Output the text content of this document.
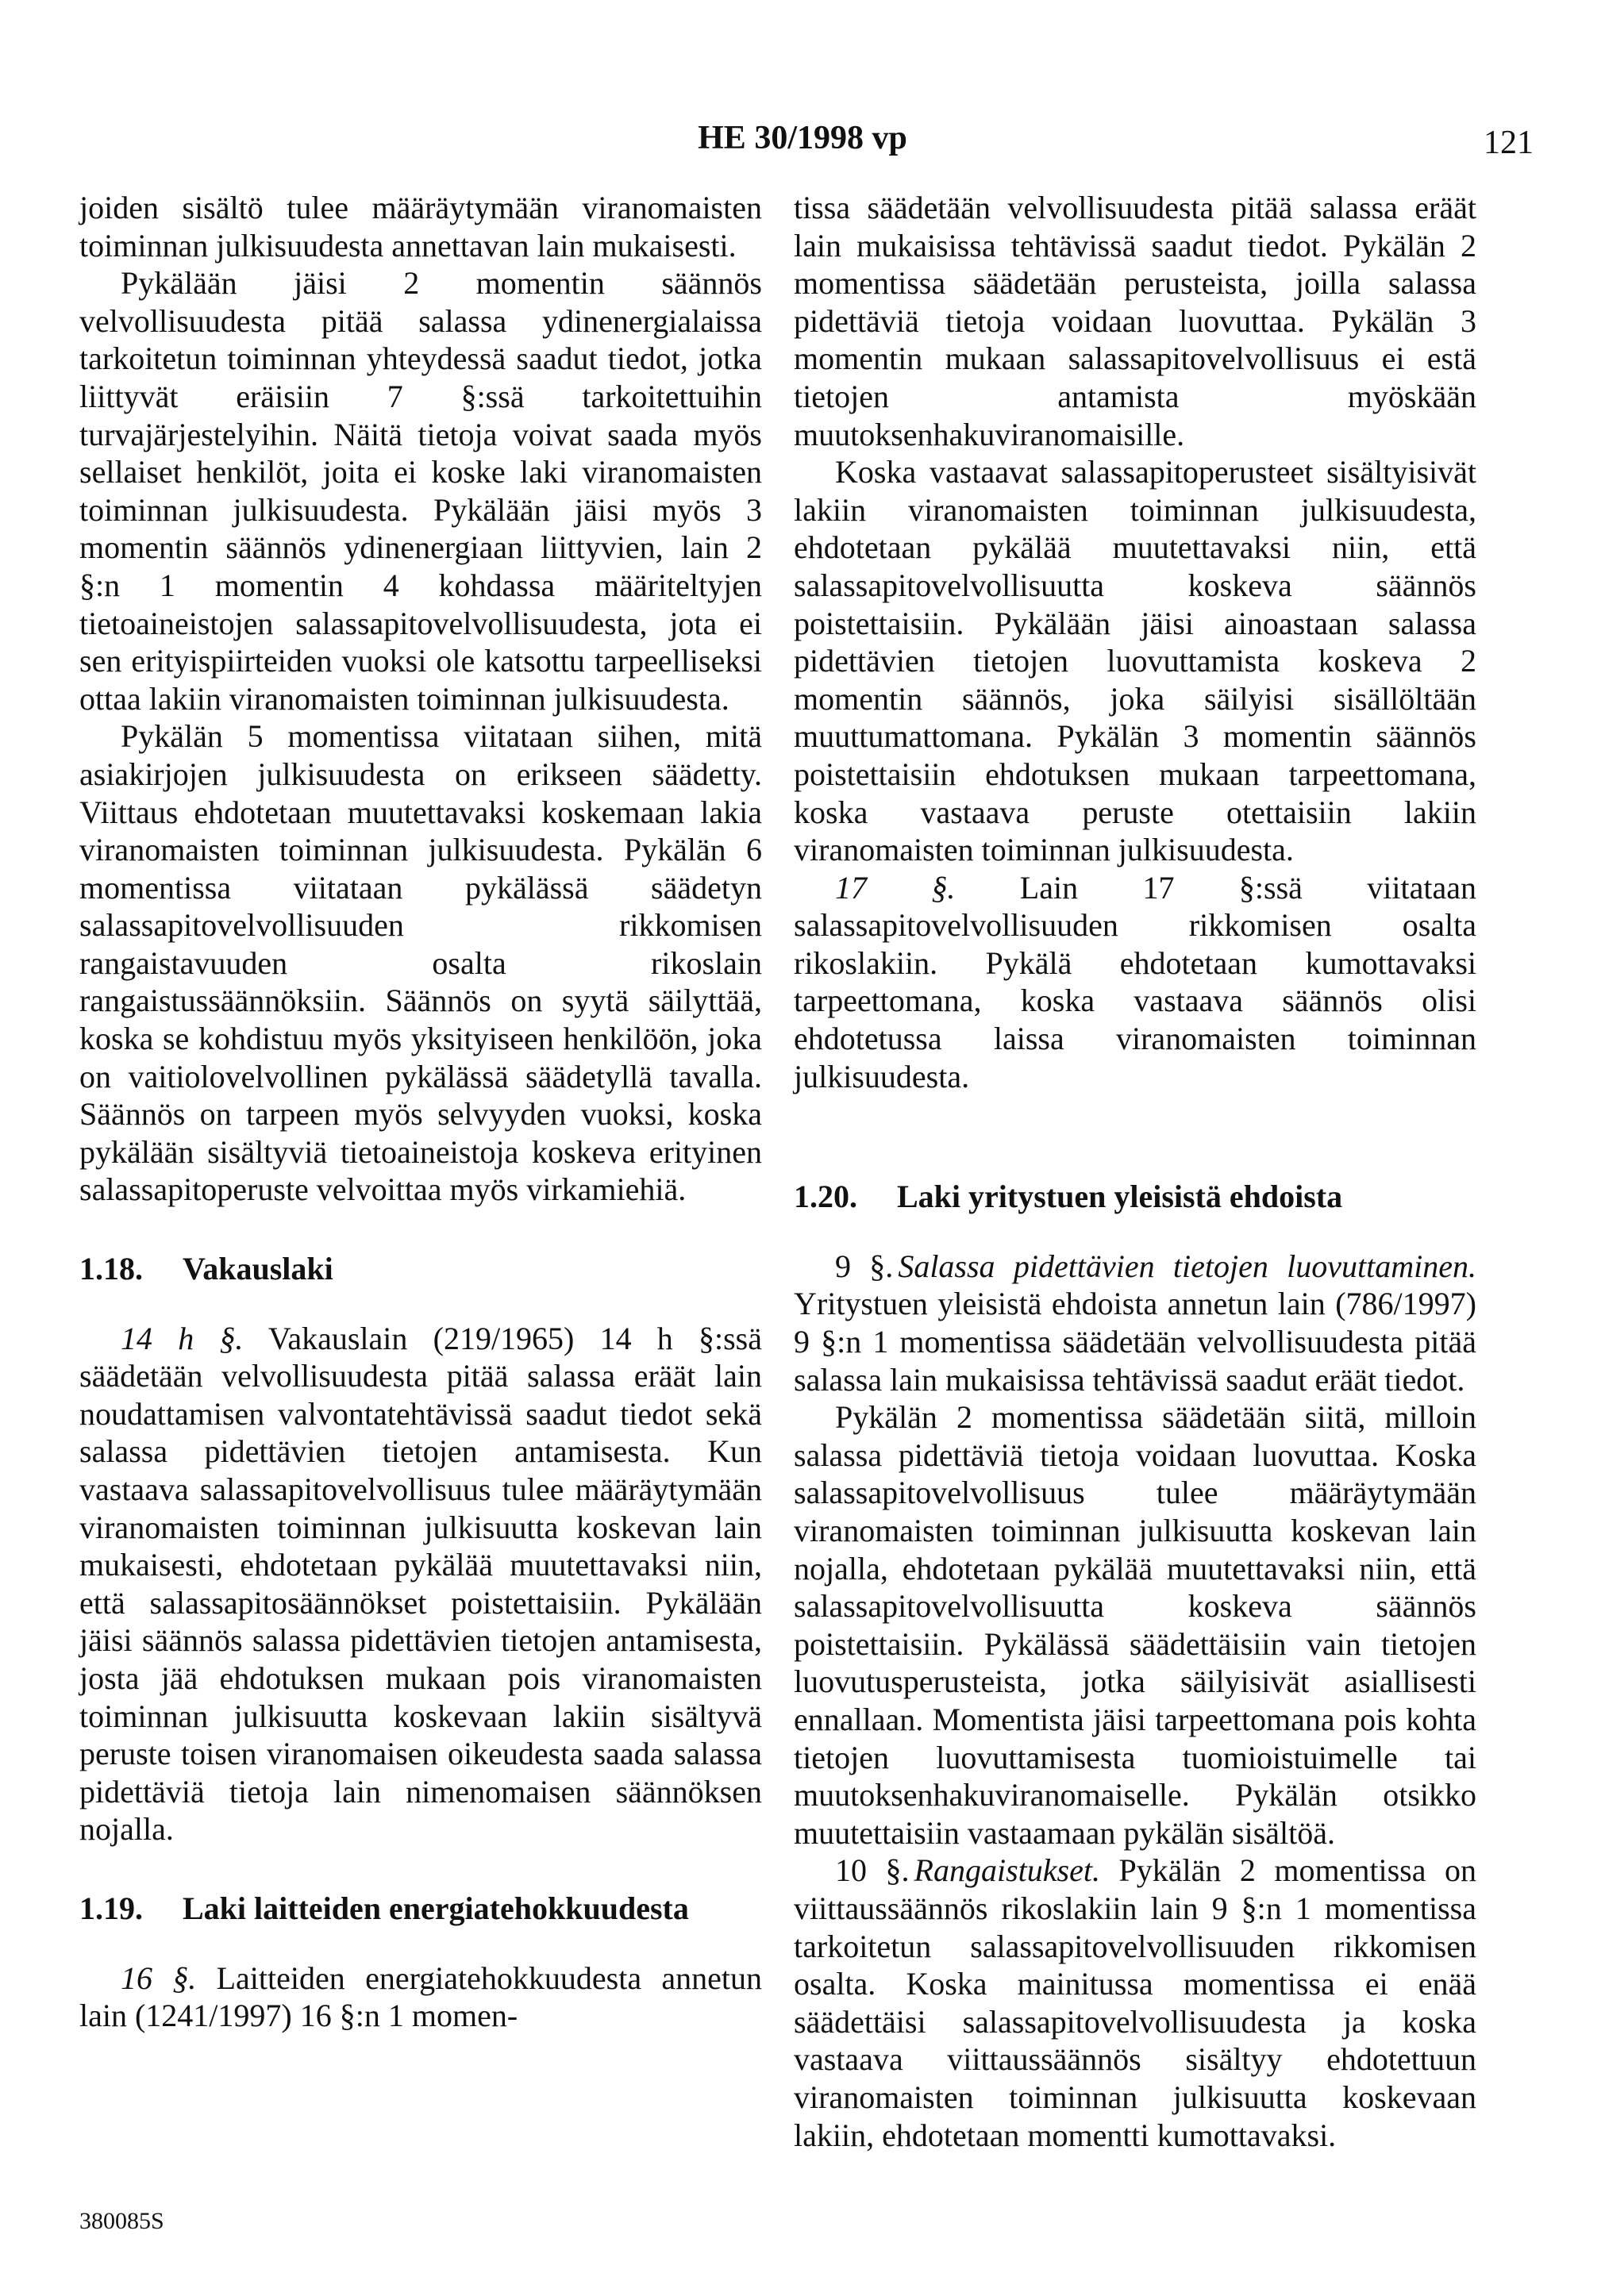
HE 30/1998 vp	121

joiden sisältö tulee määräytymään viranomaisten toiminnan julkisuudesta annettavan lain mukaisesti.

Pykälään jäisi 2 momentin säännös velvollisuudesta pitää salassa ydinenergialaissa tarkoitetun toiminnan yhteydessä saadut tiedot, jotka liittyvät eräisiin 7 §:ssä tarkoitettuihin turvajärjestelyihin. Näitä tietoja voivat saada myös sellaiset henkilöt, joita ei koske laki viranomaisten toiminnan julkisuudesta. Pykälään jäisi myös 3 momentin säännös ydinenergiaan liittyvien, lain 2 §:n 1 momentin 4 kohdassa määriteltyjen tietoaineistojen salassapitovelvollisuudesta, jota ei sen erityispiirteiden vuoksi ole katsottu tarpeelliseksi ottaa lakiin viranomaisten toiminnan julkisuudesta.

Pykälän 5 momentissa viitataan siihen, mitä asiakirjojen julkisuudesta on erikseen säädetty. Viittaus ehdotetaan muutettavaksi koskemaan lakia viranomaisten toiminnan julkisuudesta. Pykälän 6 momentissa viitataan pykälässä säädetyn salassapitovelvollisuuden rikkomisen rangaistavuuden osalta rikoslain rangaistussäännöksiin. Säännös on syytä säilyttää, koska se kohdistuu myös yksityiseen henkilöön, joka on vaitiolovelvollinen pykälässä säädetyllä tavalla. Säännös on tarpeen myös selvyyden vuoksi, koska pykälään sisältyviä tietoaineistoja koskeva erityinen salassapitoperuste velvoittaa myös virkamiehiä.

1.18.	Vakauslaki

14 h §. Vakauslain (219/1965) 14 h §:ssä säädetään velvollisuudesta pitää salassa eräät lain noudattamisen valvontatehtävissä saadut tiedot sekä salassa pidettävien tietojen antamisesta. Kun vastaava salassapitovelvollisuus tulee määräytymään viranomaisten toiminnan julkisuutta koskevan lain mukaisesti, ehdotetaan pykälää muutettavaksi niin, että salassapitosäännökset poistettaisiin. Pykälään jäisi säännös salassa pidettävien tietojen antamisesta, josta jää ehdotuksen mukaan pois viranomaisten toiminnan julkisuutta koskevaan lakiin sisältyvä peruste toisen viranomaisen oikeudesta saada salassa pidettäviä tietoja lain nimenomaisen säännöksen nojalla.

1.19.	Laki laitteiden energiatehokkuudesta

16 §. Laitteiden energiatehokkuudesta annetun lain (1241/1997) 16 §:n 1 momen-

tissa säädetään velvollisuudesta pitää salassa eräät lain mukaisissa tehtävissä saadut tiedot. Pykälän 2 momentissa säädetään perusteista, joilla salassa pidettäviä tietoja voidaan luovuttaa. Pykälän 3 momentin mukaan salassapitovelvollisuus ei estä tietojen antamista myöskään muutoksenhakuviranomaisille.

Koska vastaavat salassapitoperusteet sisältyisivät lakiin viranomaisten toiminnan julkisuudesta, ehdotetaan pykälää muutettavaksi niin, että salassapitovelvollisuutta koskeva säännös poistettaisiin. Pykälään jäisi ainoastaan salassa pidettävien tietojen luovuttamista koskeva 2 momentin säännös, joka säilyisi sisällöltään muuttumattomana. Pykälän 3 momentin säännös poistettaisiin ehdotuksen mukaan tarpeettomana, koska vastaava peruste otettaisiin lakiin viranomaisten toiminnan julkisuudesta.

17 §. Lain 17 §:ssä viitataan salassapitovelvollisuuden rikkomisen osalta rikoslakiin. Pykälä ehdotetaan kumottavaksi tarpeettomana, koska vastaava säännös olisi ehdotetussa laissa viranomaisten toiminnan julkisuudesta.

1.20.	Laki yritystuen yleisistä ehdoista

9 §. Salassa pidettävien tietojen luovuttaminen. Yritystuen yleisistä ehdoista annetun lain (786/1997) 9 §:n 1 momentissa säädetään velvollisuudesta pitää salassa lain mukaisissa tehtävissä saadut eräät tiedot.

Pykälän 2 momentissa säädetään siitä, milloin salassa pidettäviä tietoja voidaan luovuttaa. Koska salassapitovelvollisuus tulee määräytymään viranomaisten toiminnan julkisuutta koskevan lain nojalla, ehdotetaan pykälää muutettavaksi niin, että salassapitovelvollisuutta koskeva säännös poistettaisiin. Pykälässä säädettäisiin vain tietojen luovutusperusteista, jotka säilyisivät asiallisesti ennallaan. Momentista jäisi tarpeettomana pois kohta tietojen luovuttamisesta tuomioistuimelle tai muutoksenhakuviranomaiselle. Pykälän otsikko muutettaisiin vastaamaan pykälän sisältöä.

10 §. Rangaistukset. Pykälän 2 momentissa on viittaussäännös rikoslakiin lain 9 §:n 1 momentissa tarkoitetun salassapitovelvollisuuden rikkomisen osalta. Koska mainitussa momentissa ei enää säädettäisi salassapitovelvollisuudesta ja koska vastaava viittaussäännös sisältyy ehdotettuun viranomaisten toiminnan julkisuutta koskevaan lakiin, ehdotetaan momentti kumottavaksi.

380085S
